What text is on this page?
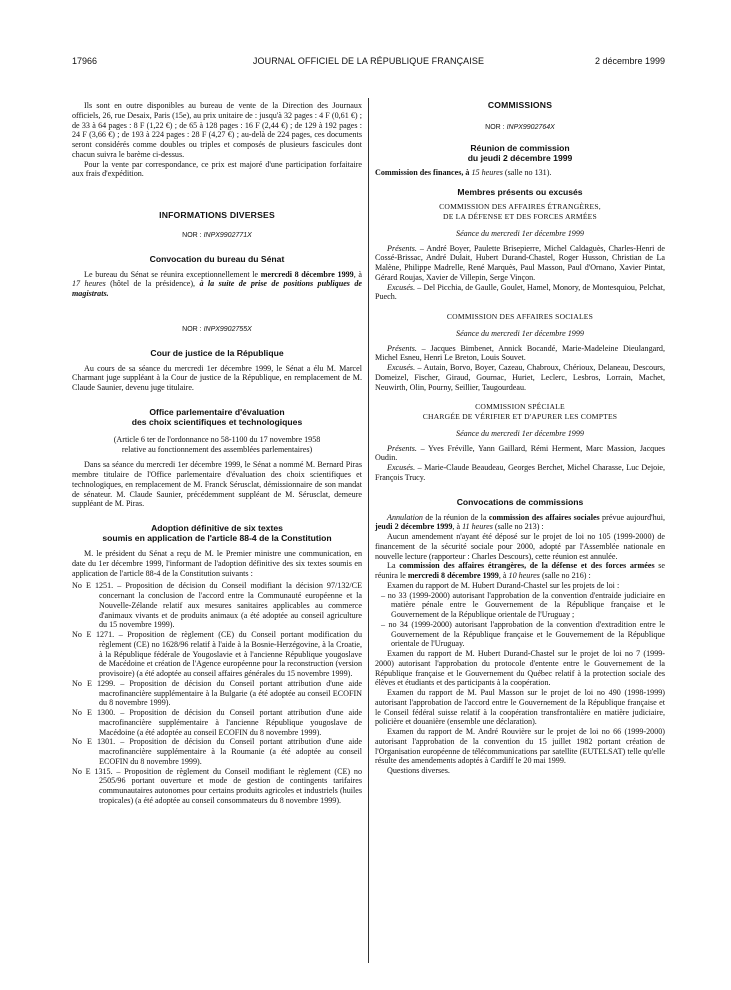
17966	JOURNAL OFFICIEL DE LA RÉPUBLIQUE FRANÇAISE	2 décembre 1999

Ils sont en outre disponibles au bureau de vente de la Direction des Journaux officiels, 26, rue Desaix, Paris (15e), au prix unitaire de : jusqu'à 32 pages : 4 F (0,61 €) ; de 33 à 64 pages : 8 F (1,22 €) ; de 65 à 128 pages : 16 F (2,44 €) ; de 129 à 192 pages : 24 F (3,66 €) ; de 193 à 224 pages : 28 F (4,27 €) ; au-delà de 224 pages, ces documents seront considérés comme doubles ou triples et composés de plusieurs fascicules dont chacun suivra le barème ci-dessus.

Pour la vente par correspondance, ce prix est majoré d'une participation forfaitaire aux frais d'expédition.

INFORMATIONS DIVERSES

NOR : INPX9902771X

Convocation du bureau du Sénat

Le bureau du Sénat se réunira exceptionnellement le mercredi 8 décembre 1999, à 17 heures (hôtel de la présidence), à la suite de prise de positions publiques de magistrats.

NOR : INPX9902755X

Cour de justice de la République

Au cours de sa séance du mercredi 1er décembre 1999, le Sénat a élu M. Marcel Charmant juge suppléant à la Cour de justice de la République, en remplacement de M. Claude Saunier, devenu juge titulaire.

Office parlementaire d'évaluation
des choix scientifiques et technologiques

(Article 6 ter de l'ordonnance no 58-1100 du 17 novembre 1958
relative au fonctionnement des assemblées parlementaires)

Dans sa séance du mercredi 1er décembre 1999, le Sénat a nommé M. Bernard Piras membre titulaire de l'Office parlementaire d'évaluation des choix scientifiques et technologiques, en remplacement de M. Franck Sérusclat, démissionnaire de son mandat de sénateur. M. Claude Saunier, précédemment suppléant de M. Sérusclat, demeure suppléant de M. Piras.

Adoption définitive de six textes
soumis en application de l'article 88-4 de la Constitution

M. le président du Sénat a reçu de M. le Premier ministre une communication, en date du 1er décembre 1999, l'informant de l'adoption définitive des six textes soumis en application de l'article 88-4 de la Constitution suivants :

No E 1251. – Proposition de décision du Conseil modifiant la décision 97/132/CE concernant la conclusion de l'accord entre la Communauté européenne et la Nouvelle-Zélande relatif aux mesures sanitaires applicables au commerce d'animaux vivants et de produits animaux (a été adoptée au conseil agriculture du 15 novembre 1999).

No E 1271. – Proposition de règlement (CE) du Conseil portant modification du règlement (CE) no 1628/96 relatif à l'aide à la Bosnie-Herzégovine, à la Croatie, à la République fédérale de Yougoslavie et à l'ancienne République yougoslave de Macédoine et création de l'Agence européenne pour la reconstruction (version provisoire) (a été adoptée au conseil affaires générales du 15 novembre 1999).

No E 1299. – Proposition de décision du Conseil portant attribution d'une aide macrofinancière supplémentaire à la Bulgarie (a été adoptée au conseil ECOFIN du 8 novembre 1999).

No E 1300. – Proposition de décision du Conseil portant attribution d'une aide macrofinancière supplémentaire à l'ancienne République yougoslave de Macédoine (a été adoptée au conseil ECOFIN du 8 novembre 1999).

No E 1301. – Proposition de décision du Conseil portant attribution d'une aide macrofinancière supplémentaire à la Roumanie (a été adoptée au conseil ECOFIN du 8 novembre 1999).

No E 1315. – Proposition de règlement du Conseil modifiant le règlement (CE) no 2505/96 portant ouverture et mode de gestion de contingents tarifaires communautaires autonomes pour certains produits agricoles et industriels (huiles tropicales) (a été adoptée au conseil consommateurs du 8 novembre 1999).

COMMISSIONS

NOR : INPX9902764X

Réunion de commission
du jeudi 2 décembre 1999

Commission des finances, à 15 heures (salle no 131).

Membres présents ou excusés

COMMISSION DES AFFAIRES ÉTRANGÈRES,
DE LA DÉFENSE ET DES FORCES ARMÉES

Séance du mercredi 1er décembre 1999

Présents. – André Boyer, Paulette Brisepierre, Michel Caldaguès, Charles-Henri de Cossé-Brissac, André Dulait, Hubert Durand-Chastel, Roger Husson, Christian de La Malène, Philippe Madrelle, René Marquès, Paul Masson, Paul d'Ornano, Xavier Pintat, Gérard Roujas, Xavier de Villepin, Serge Vinçon.

Excusés. – Del Picchia, de Gaulle, Goulet, Hamel, Monory, de Montesquiou, Pelchat, Puech.

COMMISSION DES AFFAIRES SOCIALES

Séance du mercredi 1er décembre 1999

Présents. – Jacques Bimbenet, Annick Bocandé, Marie-Madeleine Dieulangard, Michel Esneu, Henri Le Breton, Louis Souvet.

Excusés. – Autain, Borvo, Boyer, Cazeau, Chabroux, Chérioux, Delaneau, Descours, Domeizel, Fischer, Giraud, Gournac, Huriet, Leclerc, Lesbros, Lorrain, Machet, Neuwirth, Olin, Pourny, Seillier, Taugourdeau.

COMMISSION SPÉCIALE
CHARGÉE DE VÉRIFIER ET D'APURER LES COMPTES

Séance du mercredi 1er décembre 1999

Présents. – Yves Fréville, Yann Gaillard, Rémi Herment, Marc Massion, Jacques Oudin.

Excusés. – Marie-Claude Beaudeau, Georges Berchet, Michel Charasse, Luc Dejoie, François Trucy.

Convocations de commissions

Annulation de la réunion de la commission des affaires sociales prévue aujourd'hui, jeudi 2 décembre 1999, à 11 heures (salle no 213) :

Aucun amendement n'ayant été déposé sur le projet de loi no 105 (1999-2000) de financement de la sécurité sociale pour 2000, adopté par l'Assemblée nationale en nouvelle lecture (rapporteur : Charles Descours), cette réunion est annulée.

La commission des affaires étrangères, de la défense et des forces armées se réunira le mercredi 8 décembre 1999, à 10 heures (salle no 216) :

Examen du rapport de M. Hubert Durand-Chastel sur les projets de loi :

– no 33 (1999-2000) autorisant l'approbation de la convention d'entraide judiciaire en matière pénale entre le Gouvernement de la République française et le Gouvernement de la République orientale de l'Uruguay ;

– no 34 (1999-2000) autorisant l'approbation de la convention d'extradition entre le Gouvernement de la République française et le Gouvernement de la République orientale de l'Uruguay.

Examen du rapport de M. Hubert Durand-Chastel sur le projet de loi no 7 (1999-2000) autorisant l'approbation du protocole d'entente entre le Gouvernement de la République française et le Gouvernement du Québec relatif à la protection sociale des élèves et étudiants et des participants à la coopération.

Examen du rapport de M. Paul Masson sur le projet de loi no 490 (1998-1999) autorisant l'approbation de l'accord entre le Gouvernement de la République française et le Conseil fédéral suisse relatif à la coopération transfrontalière en matière judiciaire, policière et douanière (ensemble une déclaration).

Examen du rapport de M. André Rouvière sur le projet de loi no 66 (1999-2000) autorisant l'approbation de la convention du 15 juillet 1982 portant création de l'Organisation européenne de télécommunications par satellite (EUTELSAT) telle qu'elle résulte des amendements adoptés à Cardiff le 20 mai 1999.

Questions diverses.
